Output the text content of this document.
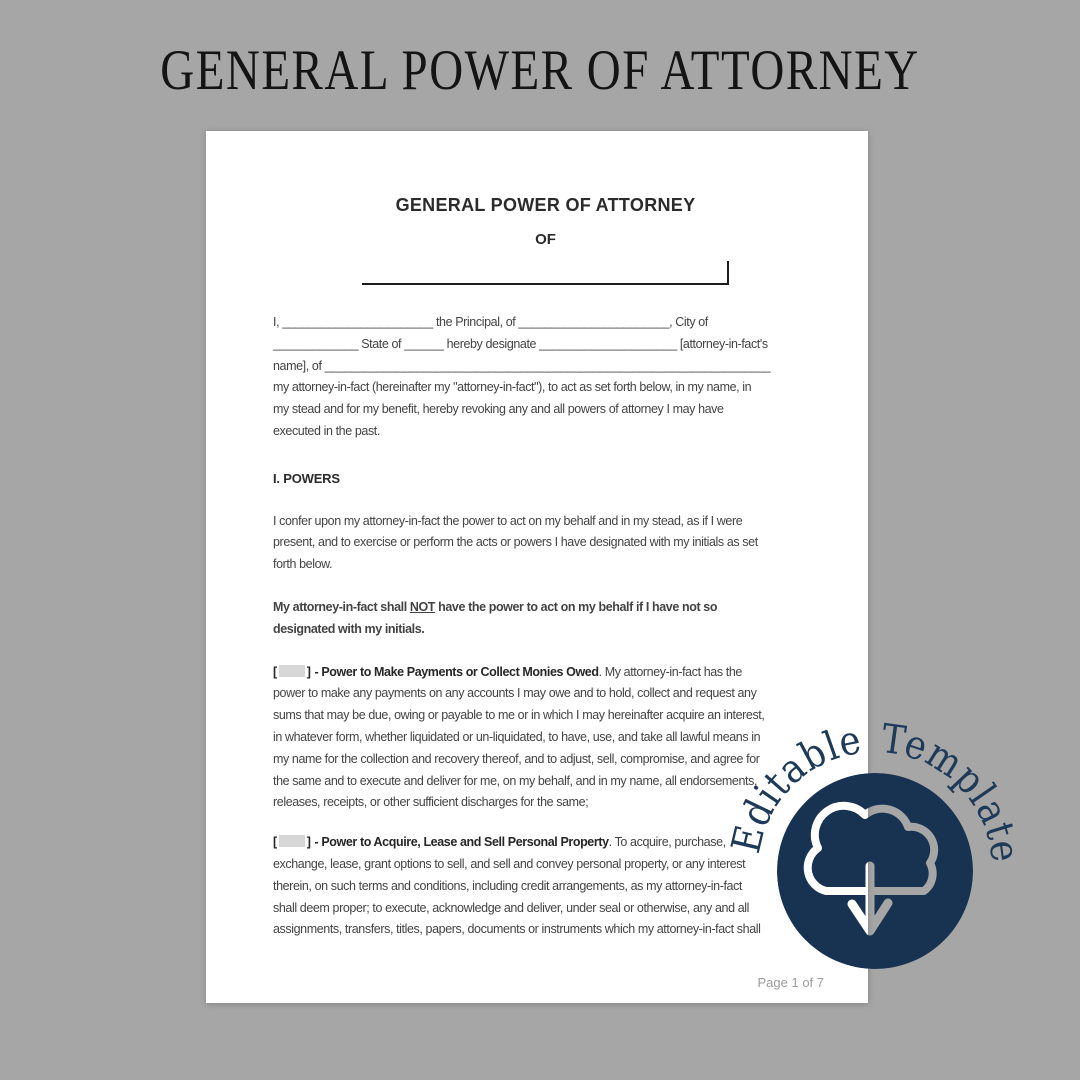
GENERAL POWER OF ATTORNEY
GENERAL POWER OF ATTORNEY
OF
I, _______________________ the Principal, of _______________________, City of
_____________ State of ______ hereby designate _____________________ [attorney-in-fact's
name], of ____________________________________________________________________
my attorney-in-fact (hereinafter my "attorney-in-fact"), to act as set forth below, in my name, in
my stead and for my benefit, hereby revoking any and all powers of attorney I may have
executed in the past.
I. POWERS
I confer upon my attorney-in-fact the power to act on my behalf and in my stead, as if I were
present, and to exercise or perform the acts or powers I have designated with my initials as set
forth below.
My attorney-in-fact shall NOT have the power to act on my behalf if I have not so
designated with my initials.
[ ] - Power to Make Payments or Collect Monies Owed. My attorney-in-fact has the
power to make any payments on any accounts I may owe and to hold, collect and request any
sums that may be due, owing or payable to me or in which I may hereinafter acquire an interest,
in whatever form, whether liquidated or un-liquidated, to have, use, and take all lawful means in
my name for the collection and recovery thereof, and to adjust, sell, compromise, and agree for
the same and to execute and deliver for me, on my behalf, and in my name, all endorsements,
releases, receipts, or other sufficient discharges for the same;
[ ] - Power to Acquire, Lease and Sell Personal Property. To acquire, purchase,
exchange, lease, grant options to sell, and sell and convey personal property, or any interest
therein, on such terms and conditions, including credit arrangements, as my attorney-in-fact
shall deem proper; to execute, acknowledge and deliver, under seal or otherwise, any and all
assignments, transfers, titles, papers, documents or instruments which my attorney-in-fact shall
Page 1 of 7
Editable Template
